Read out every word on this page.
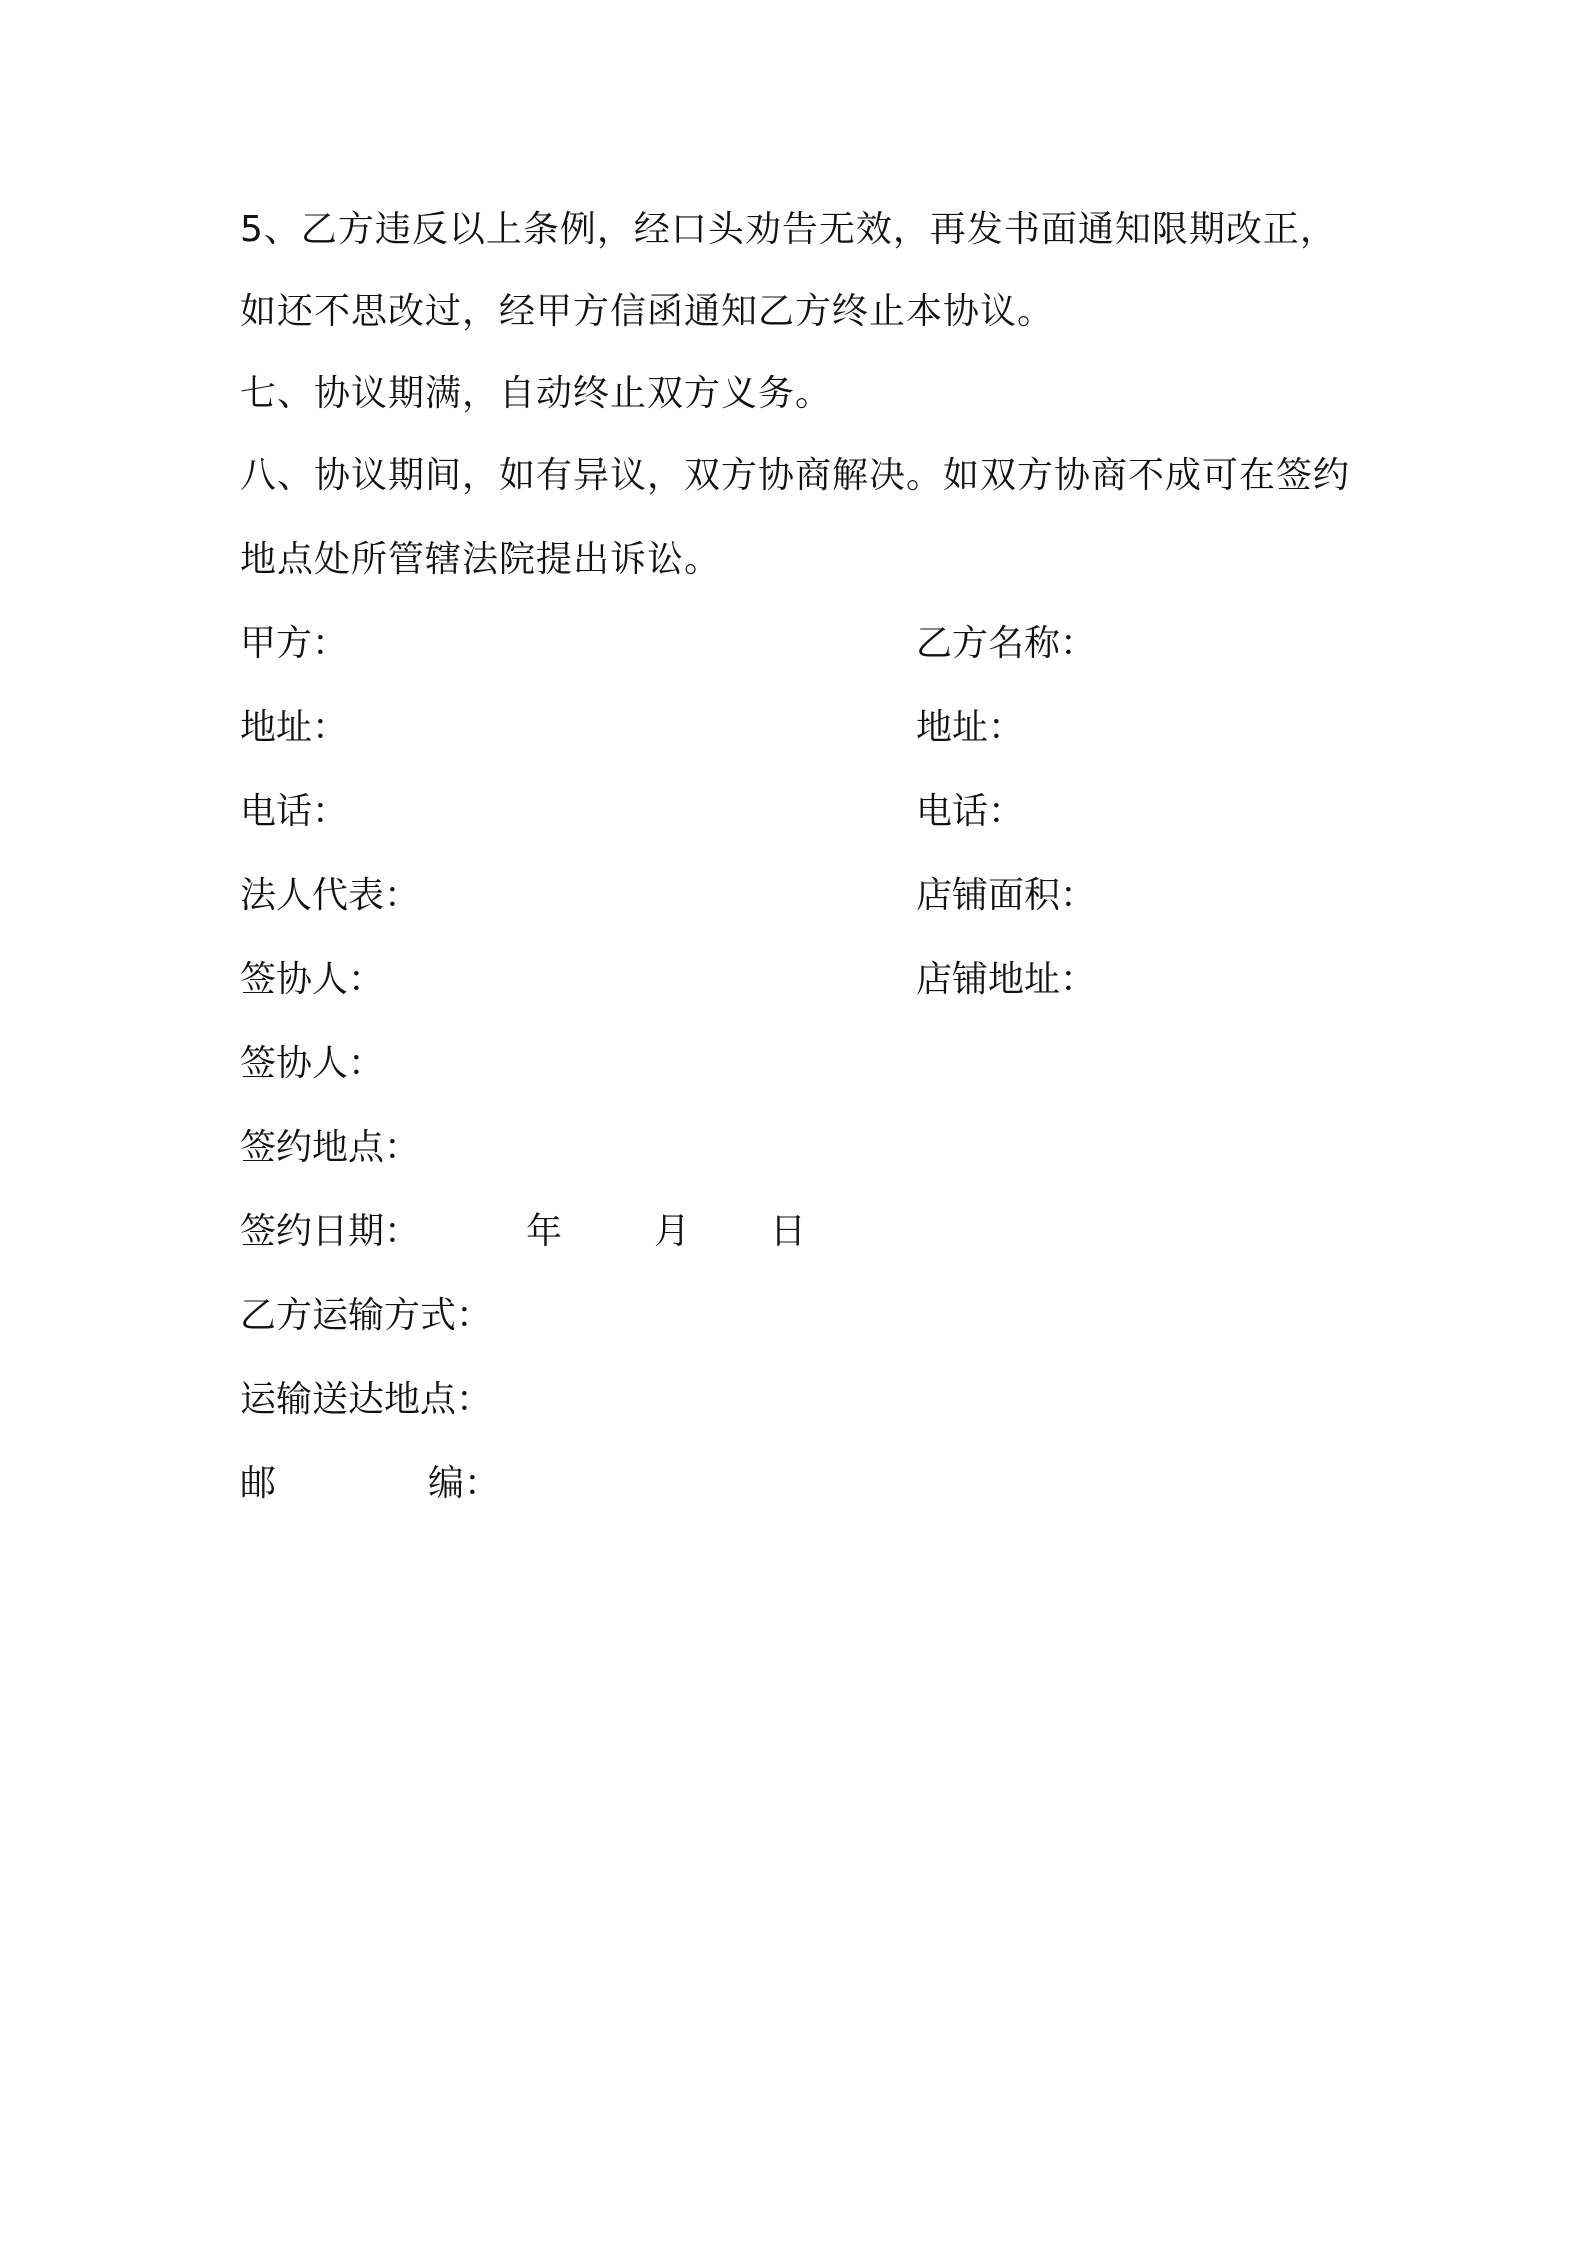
5、乙方违反以上条例，经口头劝告无效，再发书面通知限期改正，
如还不思改过，经甲方信函通知乙方终止本协议。
七、协议期满，自动终止双方义务。
八、协议期间，如有异议，双方协商解决。如双方协商不成可在签约
地点处所管辖法院提出诉讼。
甲方：	乙方名称：
地址：	地址：
电话：	电话：
法人代表：	店铺面积：
签协人：	店铺地址：
签协人：
签约地点：
签约日期：	年	月 日
乙方运输方式：
运输送达地点：
邮	编：
